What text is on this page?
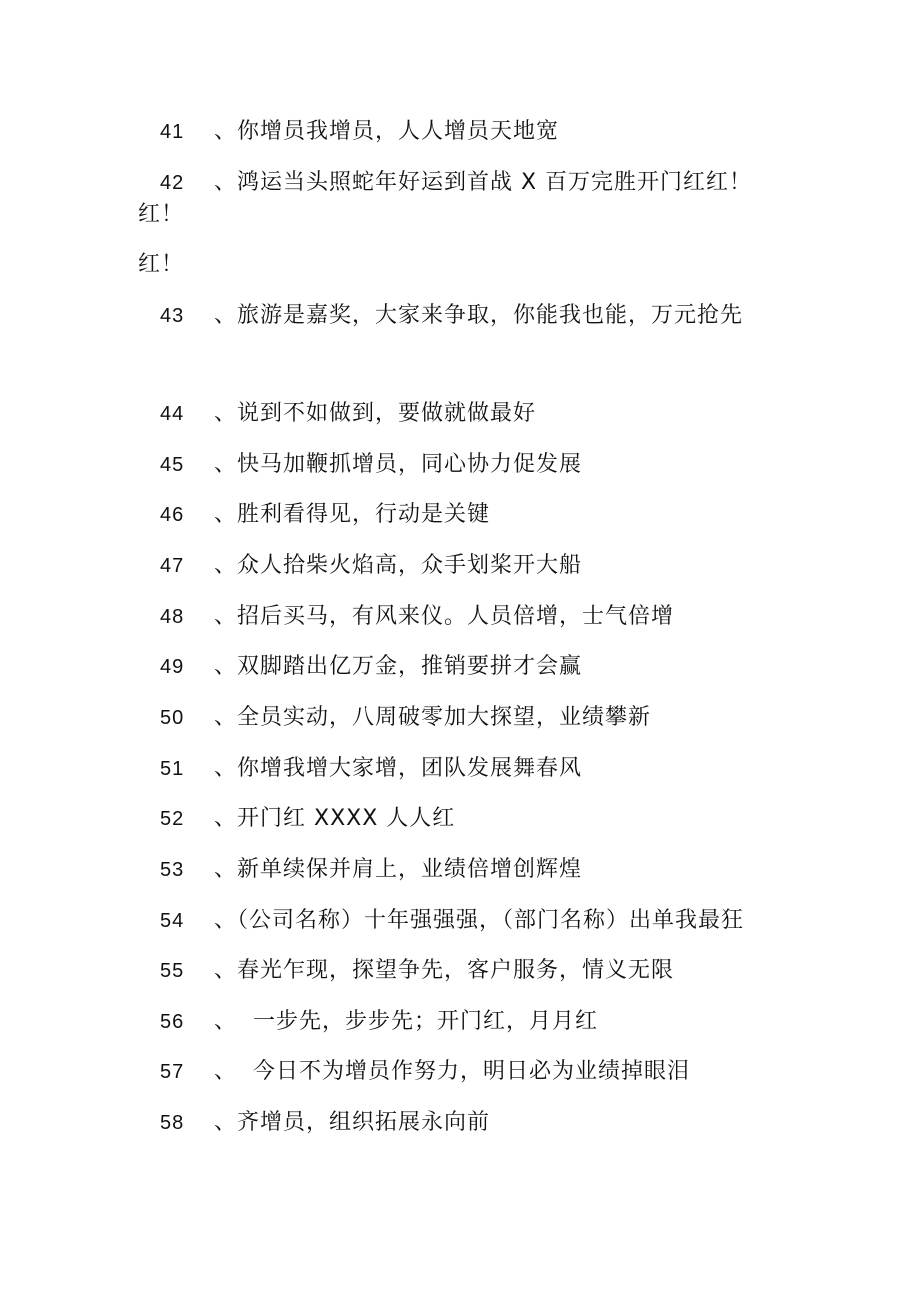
41 、你增员我增员，人人增员天地宽
42 、鸿运当头照蛇年好运到首战 X 百万完胜开门红红！
红！
红！
43 、旅游是嘉奖，大家来争取，你能我也能，万元抢先
44 、说到不如做到，要做就做最好
45 、快马加鞭抓增员，同心协力促发展
46 、胜利看得见，行动是关键
47 、众人拾柴火焰高，众手划桨开大船
48 、招后买马，有风来仪。人员倍增，士气倍增
49 、双脚踏出亿万金，推销要拼才会赢
50 、全员实动，八周破零加大探望，业绩攀新
51 、你增我增大家增，团队发展舞春风
52 、开门红 XXXX 人人红
53 、新单续保并肩上，业绩倍增创辉煌
54 、（公司名称）十年强强强，（部门名称）出单我最狂
55 、春光乍现，探望争先，客户服务，情义无限
56 、  一步先，步步先；开门红，月月红
57 、  今日不为增员作努力，明日必为业绩掉眼泪
58 、齐增员，组织拓展永向前
